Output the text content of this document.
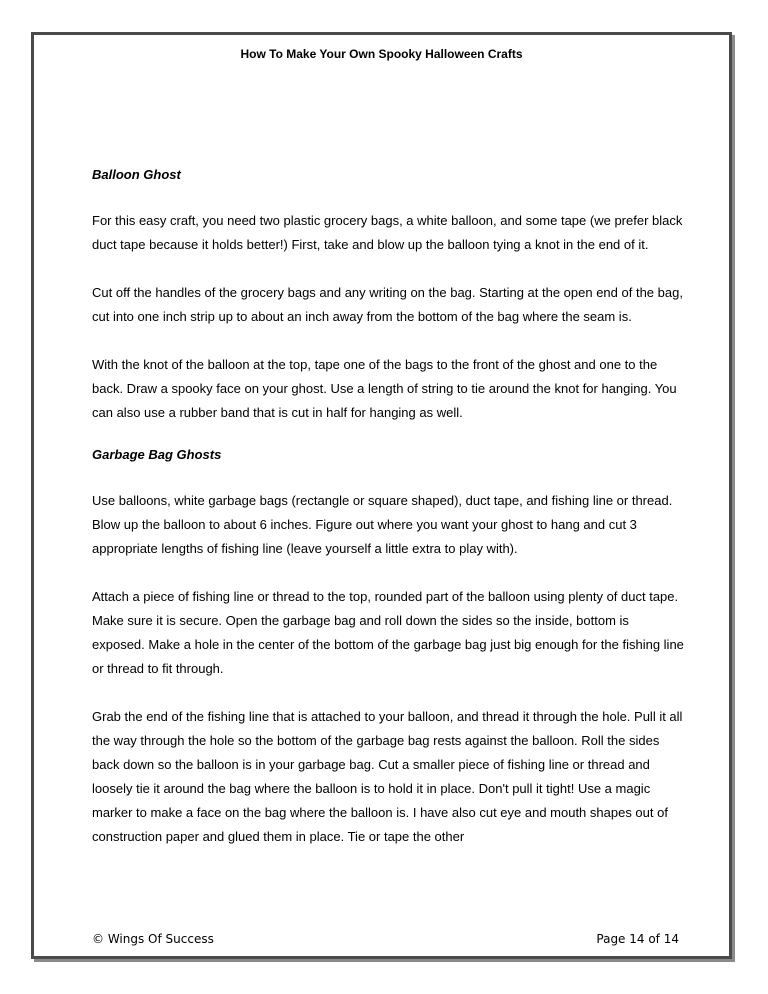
How To Make Your Own Spooky Halloween Crafts

Balloon Ghost

For this easy craft, you need two plastic grocery bags, a white balloon, and some tape (we prefer black duct tape because it holds better!) First, take and blow up the balloon tying a knot in the end of it.

Cut off the handles of the grocery bags and any writing on the bag. Starting at the open end of the bag, cut into one inch strip up to about an inch away from the bottom of the bag where the seam is.

With the knot of the balloon at the top, tape one of the bags to the front of the ghost and one to the back. Draw a spooky face on your ghost. Use a length of string to tie around the knot for hanging. You can also use a rubber band that is cut in half for hanging as well.

Garbage Bag Ghosts

Use balloons, white garbage bags (rectangle or square shaped), duct tape, and fishing line or thread. Blow up the balloon to about 6 inches. Figure out where you want your ghost to hang and cut 3 appropriate lengths of fishing line (leave yourself a little extra to play with).

Attach a piece of fishing line or thread to the top, rounded part of the balloon using plenty of duct tape. Make sure it is secure. Open the garbage bag and roll down the sides so the inside, bottom is exposed. Make a hole in the center of the bottom of the garbage bag just big enough for the fishing line or thread to fit through.

Grab the end of the fishing line that is attached to your balloon, and thread it through the hole. Pull it all the way through the hole so the bottom of the garbage bag rests against the balloon. Roll the sides back down so the balloon is in your garbage bag. Cut a smaller piece of fishing line or thread and loosely tie it around the bag where the balloon is to hold it in place. Don't pull it tight! Use a magic marker to make a face on the bag where the balloon is. I have also cut eye and mouth shapes out of construction paper and glued them in place. Tie or tape the other

© Wings Of Success	Page 14 of 14
